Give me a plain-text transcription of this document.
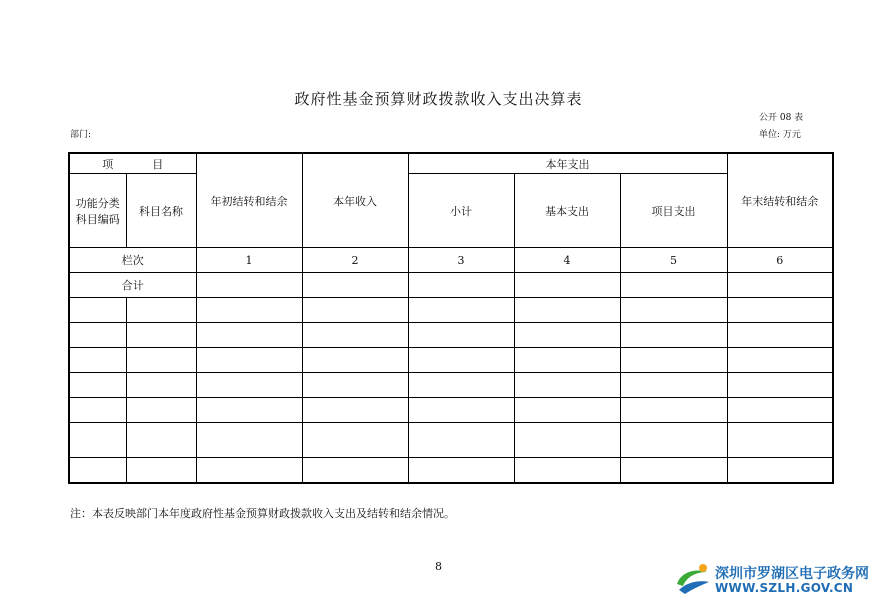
政府性基金预算财政拨款收入支出决算表
公开 08 表
部门:	单位: 万元
项　目		年初结转和结余	本年收入	本年支出			年末结转和结余
功能分类科目编码	科目名称			小计	基本支出	项目支出	
栏次		1	2	3	4	5	6
合计							

注：本表反映部门本年度政府性基金预算财政拨款收入支出及结转和结余情况。
8	深圳市罗湖区电子政务网
WWW.SZLH.GOV.CN
